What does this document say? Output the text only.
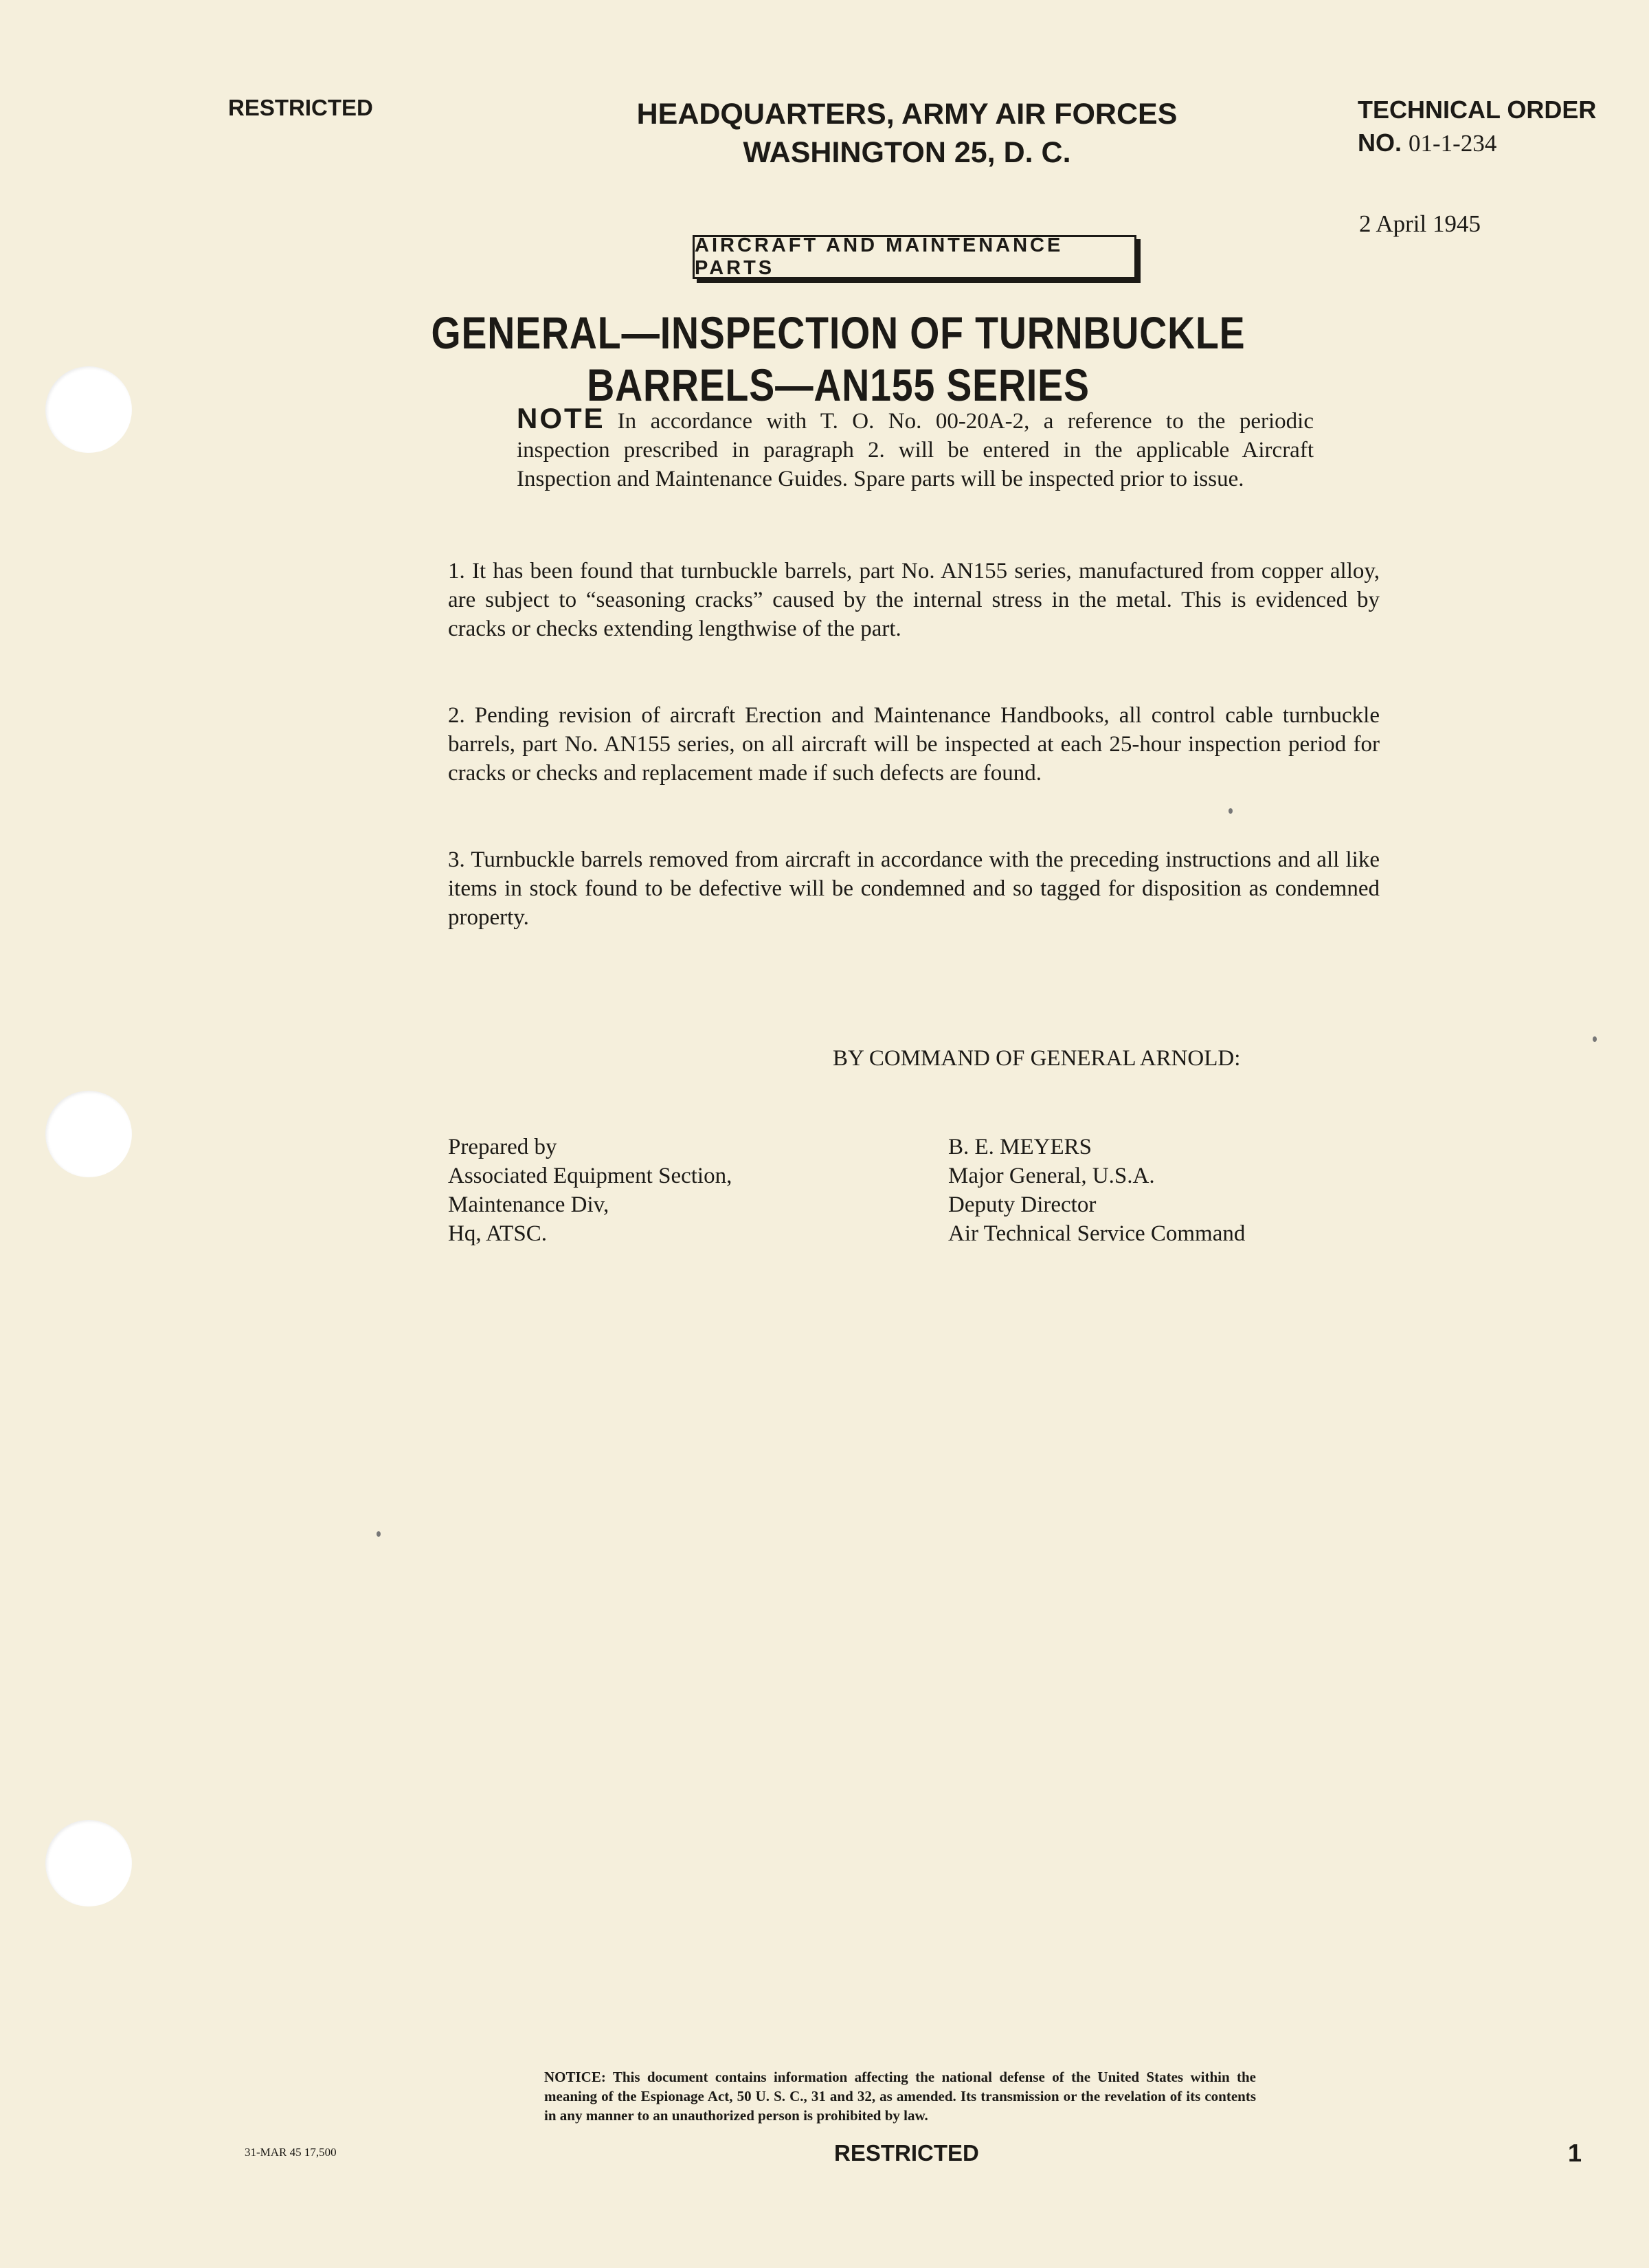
RESTRICTED	HEADQUARTERS, ARMY AIR FORCES
WASHINGTON 25, D. C.
TECHNICAL ORDER
NO. 01-1-234
2 April 1945
AIRCRAFT AND MAINTENANCE PARTS
GENERAL—INSPECTION OF TURNBUCKLE BARRELS—AN155 SERIES
NOTE In accordance with T. O. No. 00-20A-2, a reference to the periodic inspection prescribed in paragraph 2. will be entered in the applicable Aircraft Inspection and Maintenance Guides. Spare parts will be inspected prior to issue.
1. It has been found that turnbuckle barrels, part No. AN155 series, manufactured from copper alloy, are subject to “seasoning cracks” caused by the internal stress in the metal. This is evidenced by cracks or checks extending lengthwise of the part.
2. Pending revision of aircraft Erection and Maintenance Handbooks, all control cable turnbuckle barrels, part No. AN155 series, on all aircraft will be inspected at each 25-hour inspection period for cracks or checks and replacement made if such defects are found.
3. Turnbuckle barrels removed from aircraft in accordance with the preceding instructions and all like items in stock found to be defective will be condemned and so tagged for disposition as condemned property.
BY COMMAND OF GENERAL ARNOLD:
Prepared by
Associated Equipment Section,
Maintenance Div,
Hq, ATSC.
B. E. MEYERS
Major General, U.S.A.
Deputy Director
Air Technical Service Command
NOTICE: This document contains information affecting the national defense of the United States within the meaning of the Espionage Act, 50 U. S. C., 31 and 32, as amended. Its transmission or the revelation of its contents in any manner to an unauthorized person is prohibited by law.
31-MAR 45 17,500	RESTRICTED	1
